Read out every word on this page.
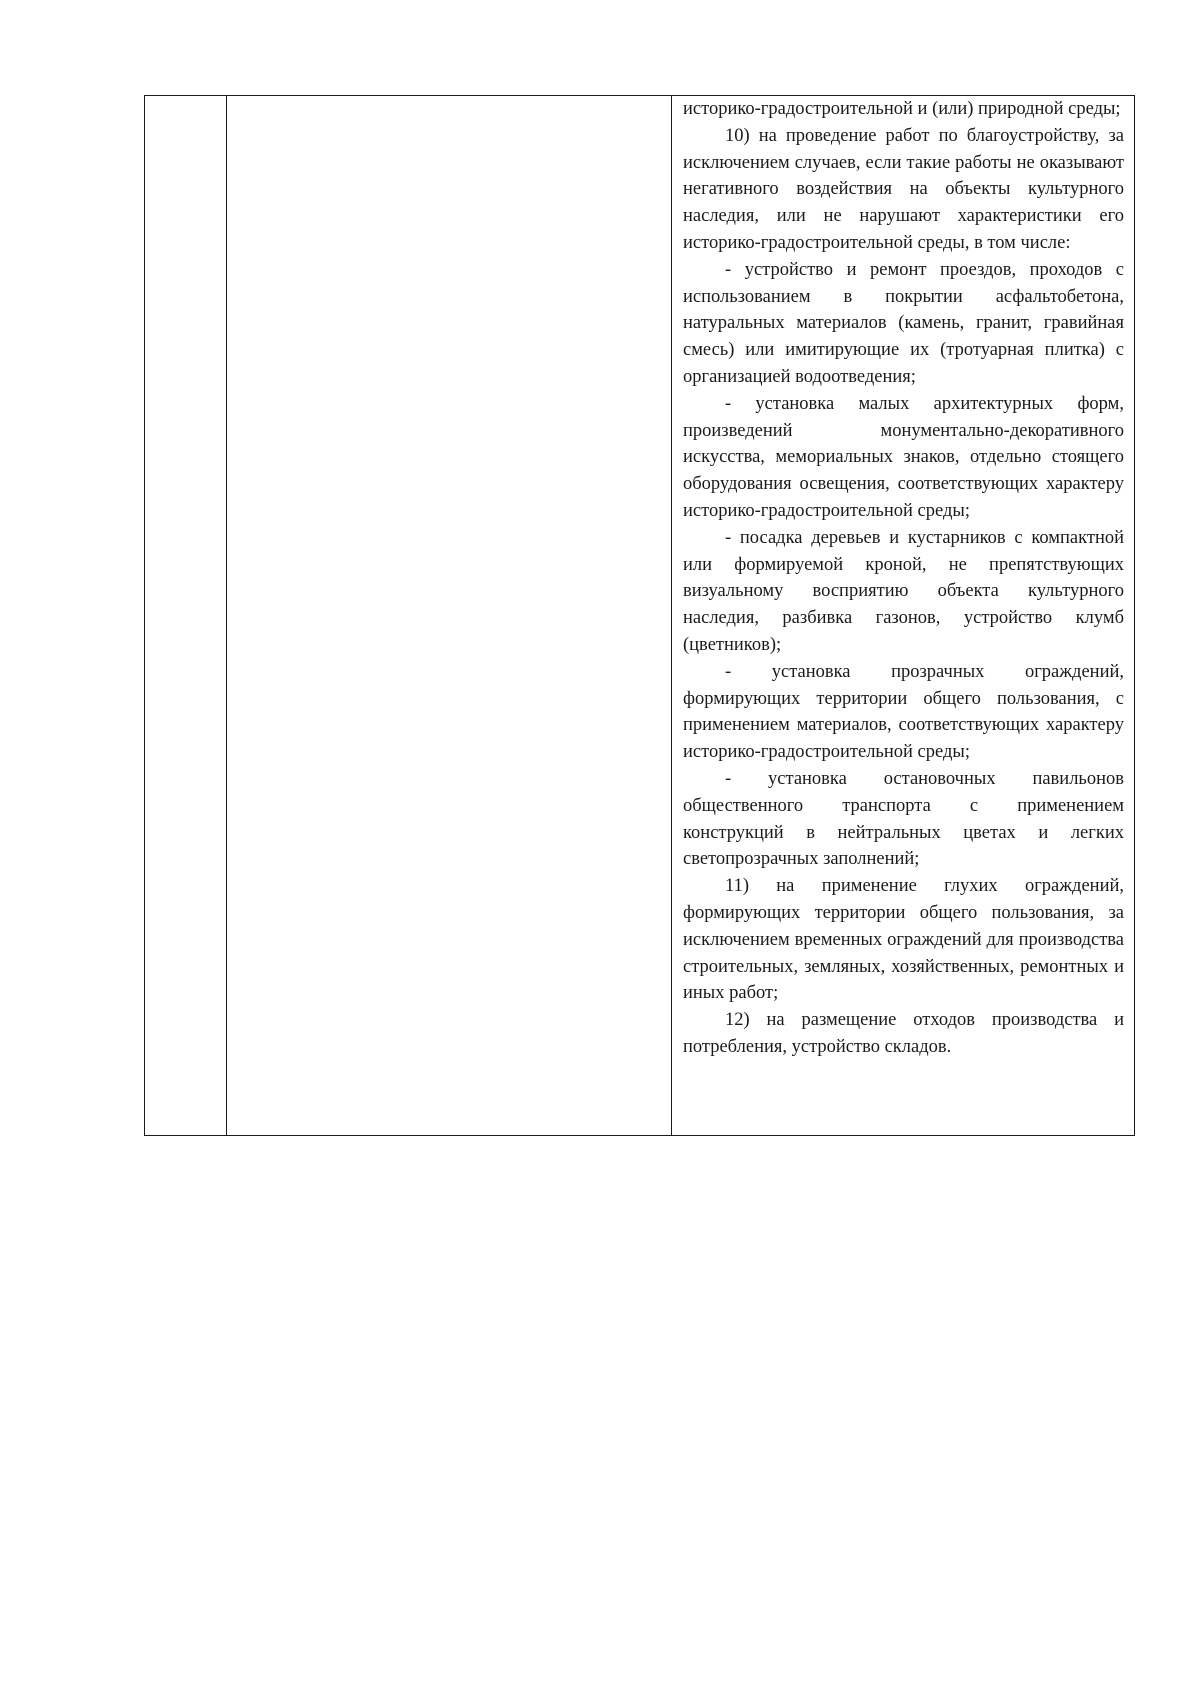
историко-градостроительной и (или) природной среды;

10) на проведение работ по благоустройству, за исключением случаев, если такие работы не оказывают негативного воздействия на объекты культурного наследия, или не нарушают характеристики его историко-градостроительной среды, в том числе:

- устройство и ремонт проездов, проходов с использованием в покрытии асфальтобетона, натуральных материалов (камень, гранит, гравийная смесь) или имитирующие их (тротуарная плитка) с организацией водоотведения;

- установка малых архитектурных форм, произведений монументально-декоративного искусства, мемориальных знаков, отдельно стоящего оборудования освещения, соответствующих характеру историко-градостроительной среды;

- посадка деревьев и кустарников с компактной или формируемой кроной, не препятствующих визуальному восприятию объекта культурного наследия, разбивка газонов, устройство клумб (цветников);

- установка прозрачных ограждений, формирующих территории общего пользования, с применением материалов, соответствующих характеру историко-градостроительной среды;

- установка остановочных павильонов общественного транспорта с применением конструкций в нейтральных цветах и легких светопрозрачных заполнений;

11) на применение глухих ограждений, формирующих территории общего пользования, за исключением временных ограждений для производства строительных, земляных, хозяйственных, ремонтных и иных работ;

12) на размещение отходов производства и потребления, устройство складов.
